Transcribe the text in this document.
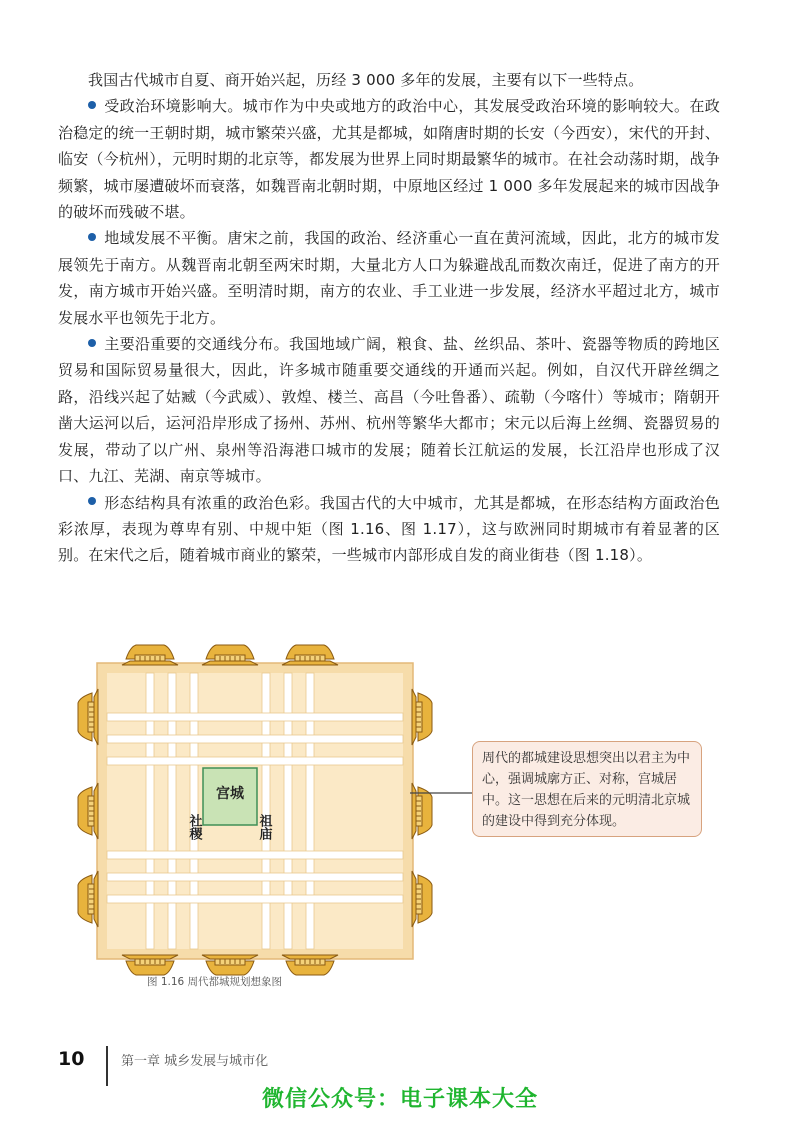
我国古代城市自夏、商开始兴起，历经 3 000 多年的发展，主要有以下一些特点。

受政治环境影响大。城市作为中央或地方的政治中心，其发展受政治环境的影响较大。在政治稳定的统一王朝时期，城市繁荣兴盛，尤其是都城，如隋唐时期的长安（今西安），宋代的开封、临安（今杭州），元明时期的北京等，都发展为世界上同时期最繁华的城市。在社会动荡时期，战争频繁，城市屡遭破坏而衰落，如魏晋南北朝时期，中原地区经过 1 000 多年发展起来的城市因战争的破坏而残破不堪。

地域发展不平衡。唐宋之前，我国的政治、经济重心一直在黄河流域，因此，北方的城市发展领先于南方。从魏晋南北朝至两宋时期，大量北方人口为躲避战乱而数次南迁，促进了南方的开发，南方城市开始兴盛。至明清时期，南方的农业、手工业进一步发展，经济水平超过北方，城市发展水平也领先于北方。

主要沿重要的交通线分布。我国地域广阔，粮食、盐、丝织品、茶叶、瓷器等物质的跨地区贸易和国际贸易量很大，因此，许多城市随重要交通线的开通而兴起。例如，自汉代开辟丝绸之路，沿线兴起了姑臧（今武威）、敦煌、楼兰、高昌（今吐鲁番）、疏勒（今喀什）等城市；隋朝开凿大运河以后，运河沿岸形成了扬州、苏州、杭州等繁华大都市；宋元以后海上丝绸、瓷器贸易的发展，带动了以广州、泉州等沿海港口城市的发展；随着长江航运的发展，长江沿岸也形成了汉口、九江、芜湖、南京等城市。

形态结构具有浓重的政治色彩。我国古代的大中城市，尤其是都城，在形态结构方面政治色彩浓厚，表现为尊卑有别、中规中矩（图 1.16、图 1.17），这与欧洲同时期城市有着显著的区别。在宋代之后，随着城市商业的繁荣，一些城市内部形成自发的商业街巷（图 1.18）。

宫城
社稷	祖庙
周代的都城建设思想突出以君主为中心，强调城廓方正、对称，宫城居中。这一思想在后来的元明清北京城的建设中得到充分体现。
图 1.16 周代都城规划想象图
10	第一章 城乡发展与城市化
微信公众号：电子课本大全
